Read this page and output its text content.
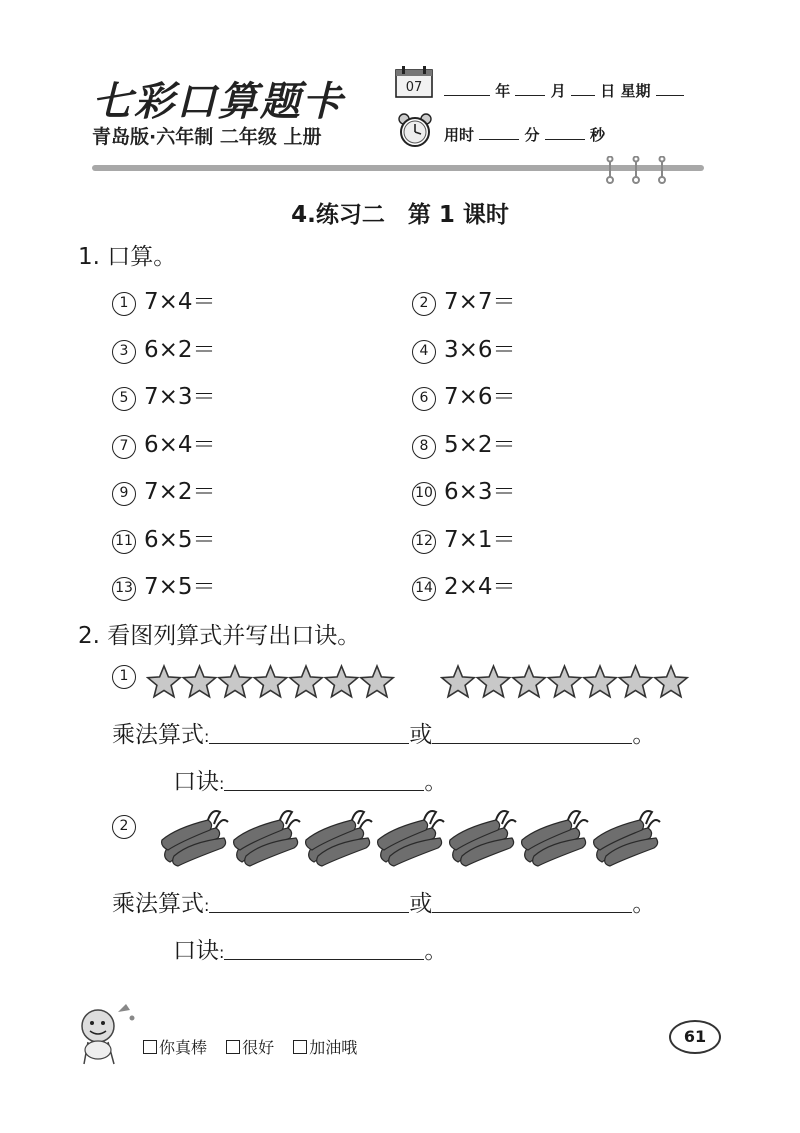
七彩口算题卡
青岛版·六年制 二年级 上册
07	年	月 日 星期
用时	分	秒
4.练习二　第 1 课时
1. 口算。
1 7×4＝	2 7×7＝
3 6×2＝	4 3×6＝
5 7×3＝	6 7×6＝
7 6×4＝	8 5×2＝
9 7×2＝	10 6×3＝
11 6×5＝	12 7×1＝
13 7×5＝	14 2×4＝
2. 看图列算式并写出口诀。
1
乘法算式:	或	。
口诀:	。
2
乘法算式:	或	。
口诀:	。
你真棒 很好 加油哦
61
